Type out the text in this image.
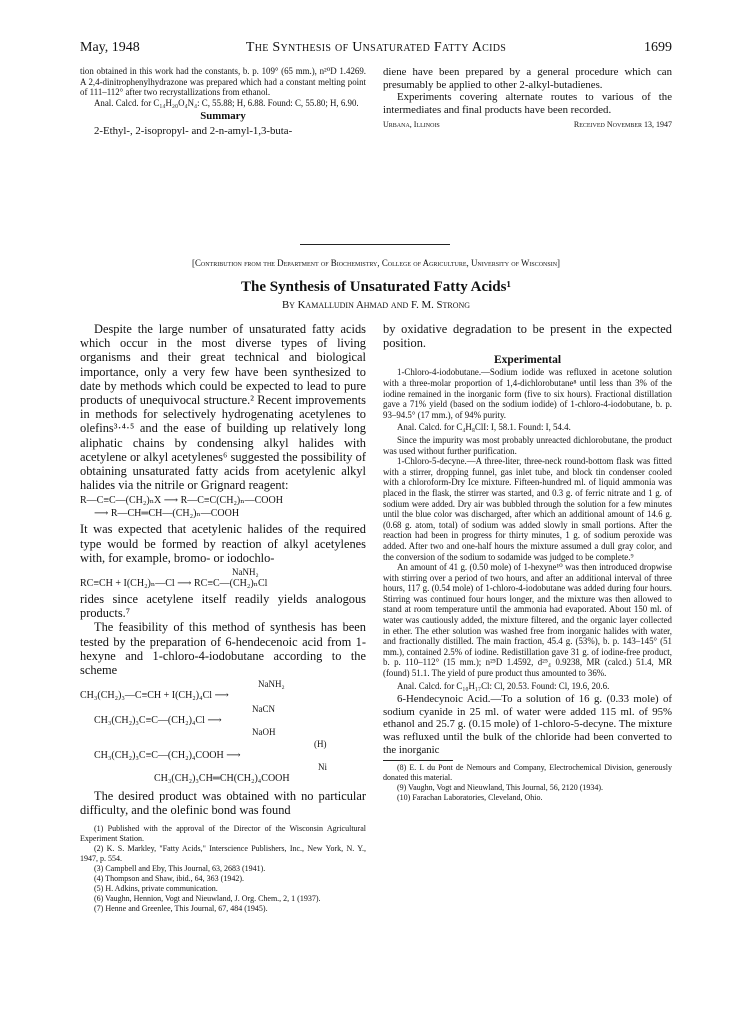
May, 1948	The Synthesis of Unsaturated Fatty Acids	1699

tion obtained in this work had the constants, b. p. 109° (65 mm.), n²⁰D 1.4269. A 2,4-dinitrophenylhydrazone was prepared which had a constant melting point of 111–112° after two recrystallizations from ethanol.

Anal. Calcd. for C₁₄H₂₀O₄N₄: C, 55.88; H, 6.88. Found: C, 55.80; H, 6.90.

Summary

2-Ethyl-, 2-isopropyl- and 2-n-amyl-1,3-buta-

diene have been prepared by a general procedure which can presumably be applied to other 2-alkyl-butadienes.

Experiments covering alternate routes to various of the intermediates and final products have been recorded.

Urbana, Illinois	Received November 13, 1947

[Contribution from the Department of Biochemistry, College of Agriculture, University of Wisconsin]

The Synthesis of Unsaturated Fatty Acids¹

By Kamalludin Ahmad and F. M. Strong

Despite the large number of unsaturated fatty acids which occur in the most diverse types of living organisms and their great technical and biological importance, only a very few have been synthesized to date by methods which could be expected to lead to pure products of unequivocal structure.² Recent improvements in methods for selectively hydrogenating acetylenes to olefins³·⁴·⁵ and the ease of building up relatively long aliphatic chains by condensing alkyl halides with acetylene or alkyl acetylenes⁶ suggested the possibility of obtaining unsaturated fatty acids from acetylenic alkyl halides via the nitrile or Grignard reagent:

R—C≡C—(CH₂)ₙX ⟶ R—C≡C(CH₂)ₙ—COOH
⟶ R—CH═CH—(CH₂)ₙ—COOH

It was expected that acetylenic halides of the required type would be formed by reaction of alkyl acetylenes with, for example, bromo- or iodochlo-

NaNH₂
RC≡CH + I(CH₂)ₙ—Cl ⟶ RC≡C—(CH₂)ₙCl

rides since acetylene itself readily yields analogous products.⁷

The feasibility of this method of synthesis has been tested by the preparation of 6-hendecenoic acid from 1-hexyne and 1-chloro-4-iodobutane according to the scheme

NaNH₂
CH₃(CH₂)₃—C≡CH + I(CH₂)₄Cl ⟶
NaCN
CH₃(CH₂)₃C≡C—(CH₂)₄Cl ⟶
NaOH
(H)
CH₃(CH₂)₃C≡C—(CH₂)₄COOH ⟶
Ni
CH₃(CH₂)₃CH═CH(CH₂)₄COOH

The desired product was obtained with no particular difficulty, and the olefinic bond was found

(1) Published with the approval of the Director of the Wisconsin Agricultural Experiment Station.

(2) K. S. Markley, "Fatty Acids," Interscience Publishers, Inc., New York, N. Y., 1947, p. 554.

(3) Campbell and Eby, This Journal, 63, 2683 (1941).

(4) Thompson and Shaw, ibid., 64, 363 (1942).

(5) H. Adkins, private communication.

(6) Vaughn, Hennion, Vogt and Nieuwland, J. Org. Chem., 2, 1 (1937).

(7) Henne and Greenlee, This Journal, 67, 484 (1945).

by oxidative degradation to be present in the expected position.

Experimental

1-Chloro-4-iodobutane.—Sodium iodide was refluxed in acetone solution with a three-molar proportion of 1,4-dichlorobutane⁸ until less than 3% of the iodine remained in the inorganic form (five to six hours). Fractional distillation gave a 71% yield (based on the sodium iodide) of 1-chloro-4-iodobutane, b. p. 93–94.5° (17 mm.), of 94% purity.

Anal. Calcd. for C₄H₈ClI: I, 58.1. Found: I, 54.4.

Since the impurity was most probably unreacted dichlorobutane, the product was used without further purification.

1-Chloro-5-decyne.—A three-liter, three-neck round-bottom flask was fitted with a stirrer, dropping funnel, gas inlet tube, and block tin condenser cooled with a chloroform-Dry Ice mixture. Fifteen-hundred ml. of liquid ammonia was placed in the flask, the stirrer was started, and 0.3 g. of ferric nitrate and 1 g. of sodium were added. Dry air was bubbled through the solution for a few minutes until the blue color was discharged, after which an additional amount of 14.6 g. (0.68 g. atom, total) of sodium was added slowly in small portions. After the reaction had been in progress for thirty minutes, 1 g. of sodium peroxide was added. After two and one-half hours the mixture assumed a dull gray color, and the conversion of the sodium to sodamide was judged to be complete.⁹

An amount of 41 g. (0.50 mole) of 1-hexyne¹⁰ was then introduced dropwise with stirring over a period of two hours, and after an additional interval of three hours, 117 g. (0.54 mole) of 1-chloro-4-iodobutane was added during four hours. Stirring was continued four hours longer, and the mixture was then allowed to stand at room temperature until the ammonia had evaporated. About 150 ml. of water was cautiously added, the mixture filtered, and the organic layer collected in ether. The ether solution was washed free from inorganic halides with water, and fractionally distilled. The main fraction, 45.4 g. (53%), b. p. 143–145° (51 mm.), contained 2.5% of iodine. Redistillation gave 31 g. of iodine-free product, b. p. 110–112° (15 mm.); n²⁵D 1.4592, d²⁵₄ 0.9238, MR (calcd.) 51.4, MR (found) 51.1. The yield of pure product thus amounted to 36%.

Anal. Calcd. for C₁₀H₁₇Cl: Cl, 20.53. Found: Cl, 19.6, 20.6.

6-Hendecynoic Acid.—To a solution of 16 g. (0.33 mole) of sodium cyanide in 25 ml. of water were added 115 ml. of 95% ethanol and 25.7 g. (0.15 mole) of 1-chloro-5-decyne. The mixture was refluxed until the bulk of the chloride had been converted to the inorganic

(8) E. I. du Pont de Nemours and Company, Electrochemical Division, generously donated this material.

(9) Vaughn, Vogt and Nieuwland, This Journal, 56, 2120 (1934).

(10) Farachan Laboratories, Cleveland, Ohio.
